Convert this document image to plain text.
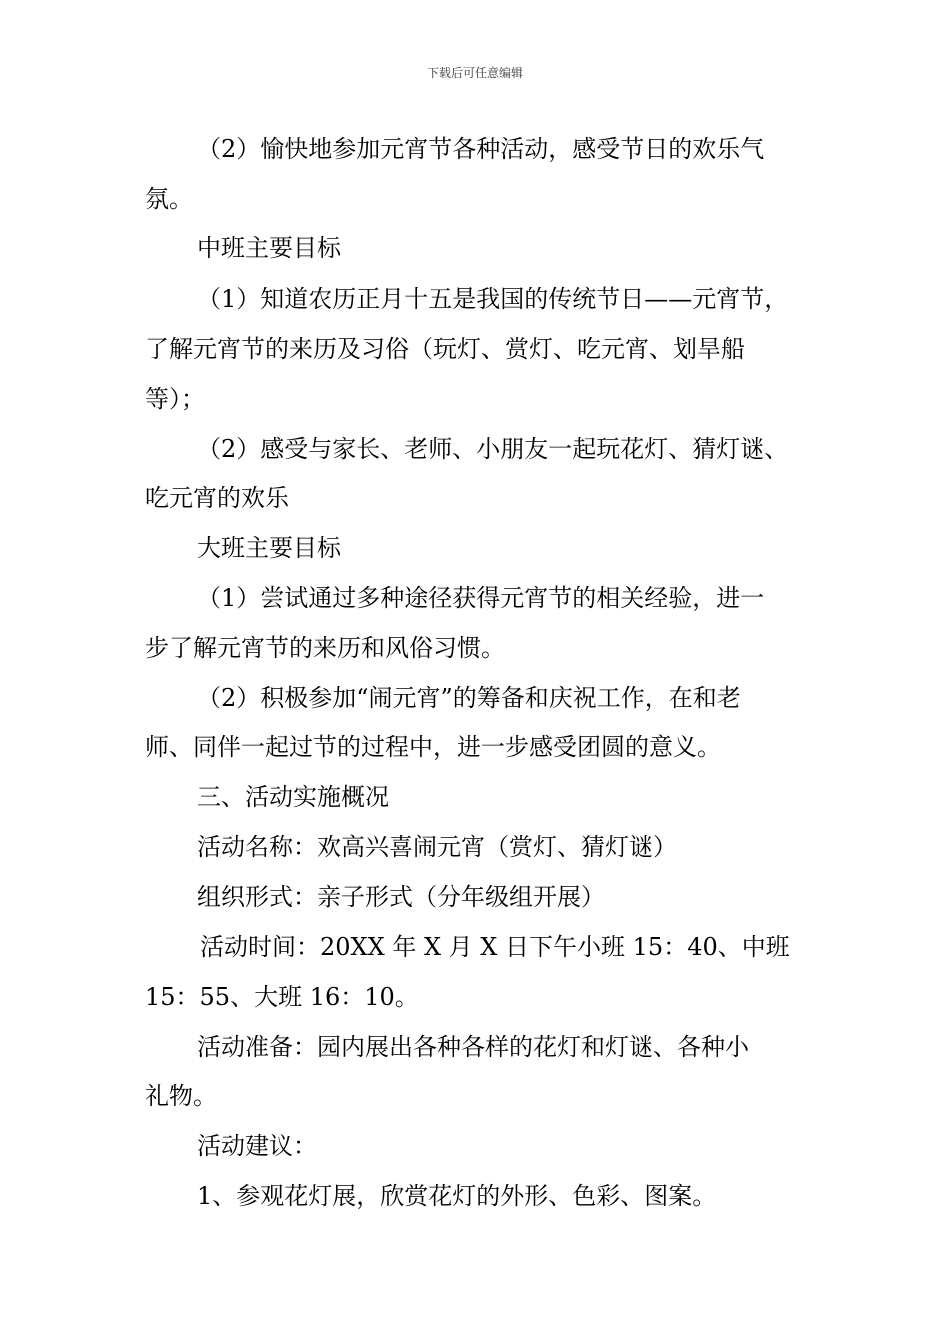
下载后可任意编辑
（2）愉快地参加元宵节各种活动，感受节日的欢乐气
氛。
中班主要目标
（1）知道农历正月十五是我国的传统节日——元宵节，
了解元宵节的来历及习俗（玩灯、赏灯、吃元宵、划旱船
等）；
（2）感受与家长、老师、小朋友一起玩花灯、猜灯谜、
吃元宵的欢乐
大班主要目标
（1）尝试通过多种途径获得元宵节的相关经验，进一
步了解元宵节的来历和风俗习惯。
（2）积极参加“闹元宵”的筹备和庆祝工作，在和老
师、同伴一起过节的过程中，进一步感受团圆的意义。
三、活动实施概况
活动名称：欢高兴喜闹元宵（赏灯、猜灯谜）
组织形式：亲子形式（分年级组开展）
活动时间：20XX 年 X 月 X 日下午小班 15：40、中班
15：55、大班 16：10。
活动准备：园内展出各种各样的花灯和灯谜、各种小
礼物。
活动建议：
1、参观花灯展，欣赏花灯的外形、色彩、图案。
